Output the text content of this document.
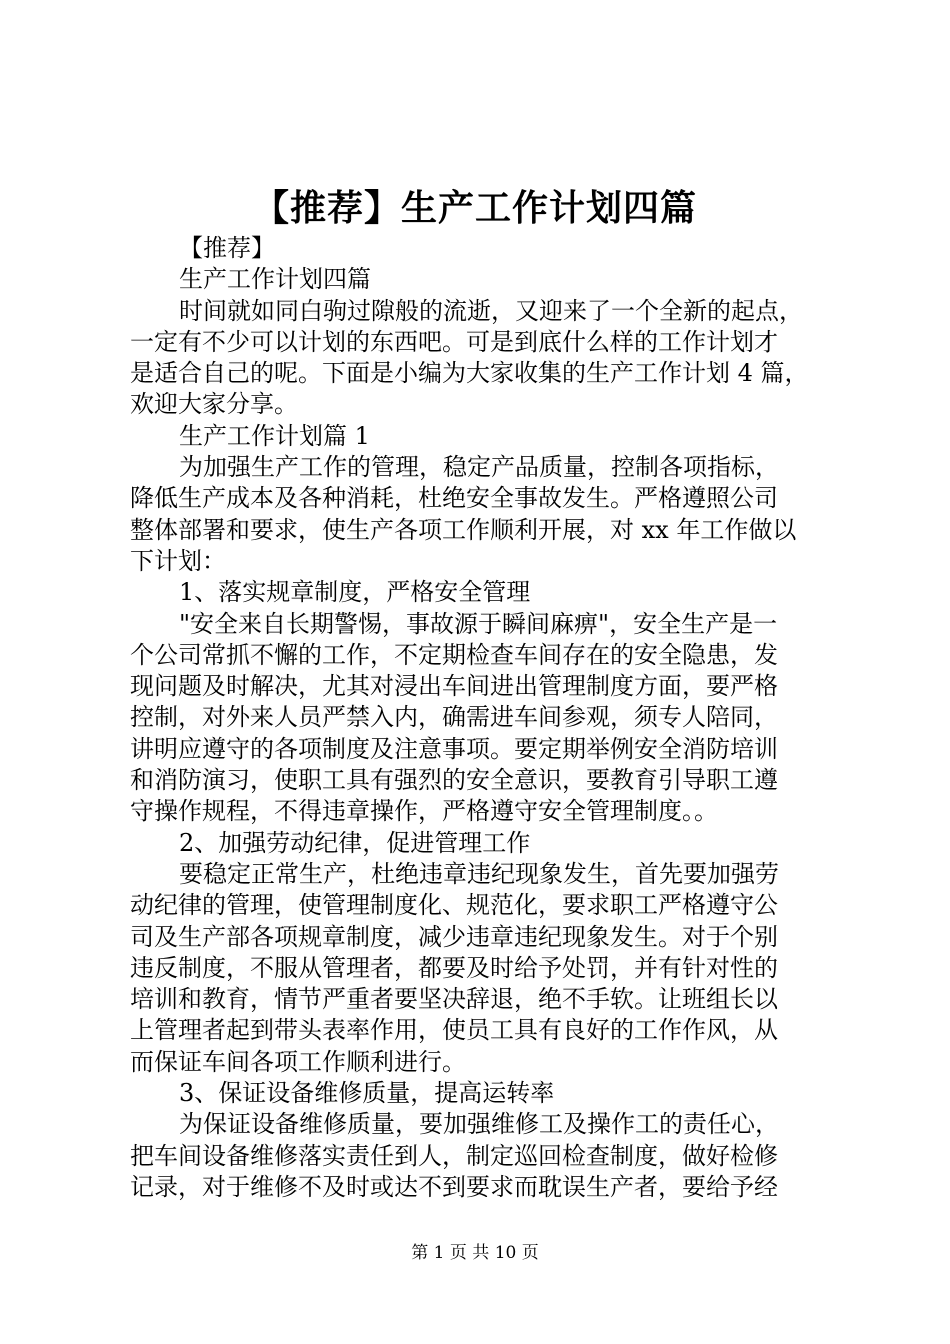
【推荐】生产工作计划四篇
【推荐】
生产工作计划四篇
时间就如同白驹过隙般的流逝，又迎来了一个全新的起点，
一定有不少可以计划的东西吧。可是到底什么样的工作计划才
是适合自己的呢。下面是小编为大家收集的生产工作计划 4 篇，
欢迎大家分享。
生产工作计划篇 1
为加强生产工作的管理，稳定产品质量，控制各项指标，
降低生产成本及各种消耗，杜绝安全事故发生。严格遵照公司
整体部署和要求，使生产各项工作顺利开展，对 xx 年工作做以
下计划：
1、落实规章制度，严格安全管理
"安全来自长期警惕，事故源于瞬间麻痹"，安全生产是一
个公司常抓不懈的工作，不定期检查车间存在的安全隐患，发
现问题及时解决，尤其对浸出车间进出管理制度方面，要严格
控制，对外来人员严禁入内，确需进车间参观，须专人陪同，
讲明应遵守的各项制度及注意事项。要定期举例安全消防培训
和消防演习，使职工具有强烈的安全意识，要教育引导职工遵
守操作规程，不得违章操作，严格遵守安全管理制度。。
2、加强劳动纪律，促进管理工作
要稳定正常生产，杜绝违章违纪现象发生，首先要加强劳
动纪律的管理，使管理制度化、规范化，要求职工严格遵守公
司及生产部各项规章制度，减少违章违纪现象发生。对于个别
违反制度，不服从管理者，都要及时给予处罚，并有针对性的
培训和教育，情节严重者要坚决辞退，绝不手软。让班组长以
上管理者起到带头表率作用，使员工具有良好的工作作风，从
而保证车间各项工作顺利进行。
3、保证设备维修质量，提高运转率
为保证设备维修质量，要加强维修工及操作工的责任心，
把车间设备维修落实责任到人，制定巡回检查制度，做好检修
记录，对于维修不及时或达不到要求而耽误生产者，要给予经
第 1 页 共 10 页
